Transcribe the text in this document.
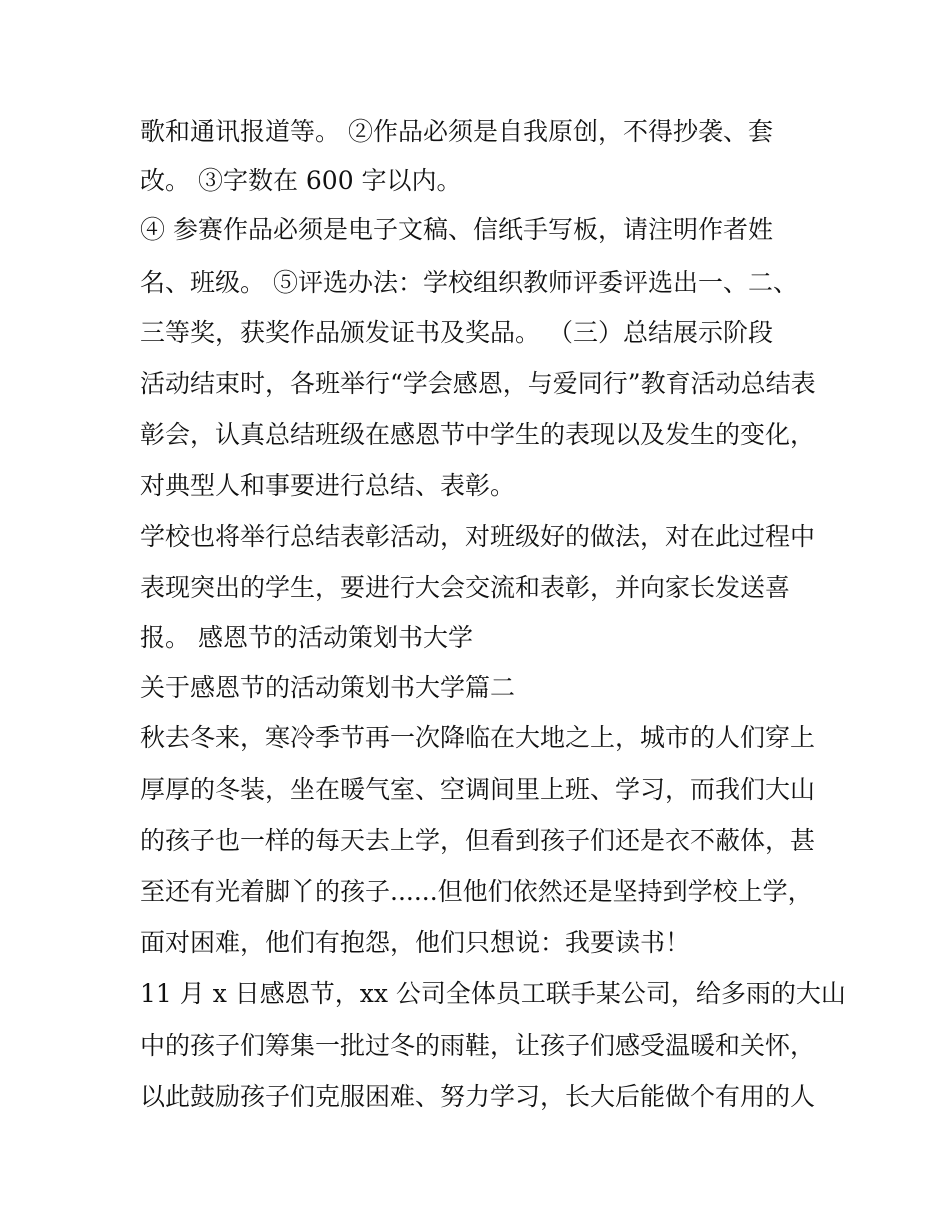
歌和通讯报道等。 ②作品必须是自我原创，不得抄袭、套

改。 ③字数在 600 字以内。

④ 参赛作品必须是电子文稿、信纸手写板，请注明作者姓

名、班级。 ⑤评选办法：学校组织教师评委评选出一、二、

三等奖，获奖作品颁发证书及奖品。 （三）总结展示阶段

活动结束时，各班举行“学会感恩，与爱同行”教育活动总结表

彰会，认真总结班级在感恩节中学生的表现以及发生的变化，

对典型人和事要进行总结、表彰。

学校也将举行总结表彰活动，对班级好的做法，对在此过程中

表现突出的学生，要进行大会交流和表彰，并向家长发送喜

报。 感恩节的活动策划书大学

关于感恩节的活动策划书大学篇二

秋去冬来，寒冷季节再一次降临在大地之上，城市的人们穿上

厚厚的冬装，坐在暖气室、空调间里上班、学习，而我们大山

的孩子也一样的每天去上学，但看到孩子们还是衣不蔽体，甚

至还有光着脚丫的孩子......但他们依然还是坚持到学校上学，

面对困难，他们有抱怨，他们只想说：我要读书！

11 月 x 日感恩节，xx 公司全体员工联手某公司，给多雨的大山

中的孩子们筹集一批过冬的雨鞋，让孩子们感受温暖和关怀，

以此鼓励孩子们克服困难、努力学习，长大后能做个有用的人
